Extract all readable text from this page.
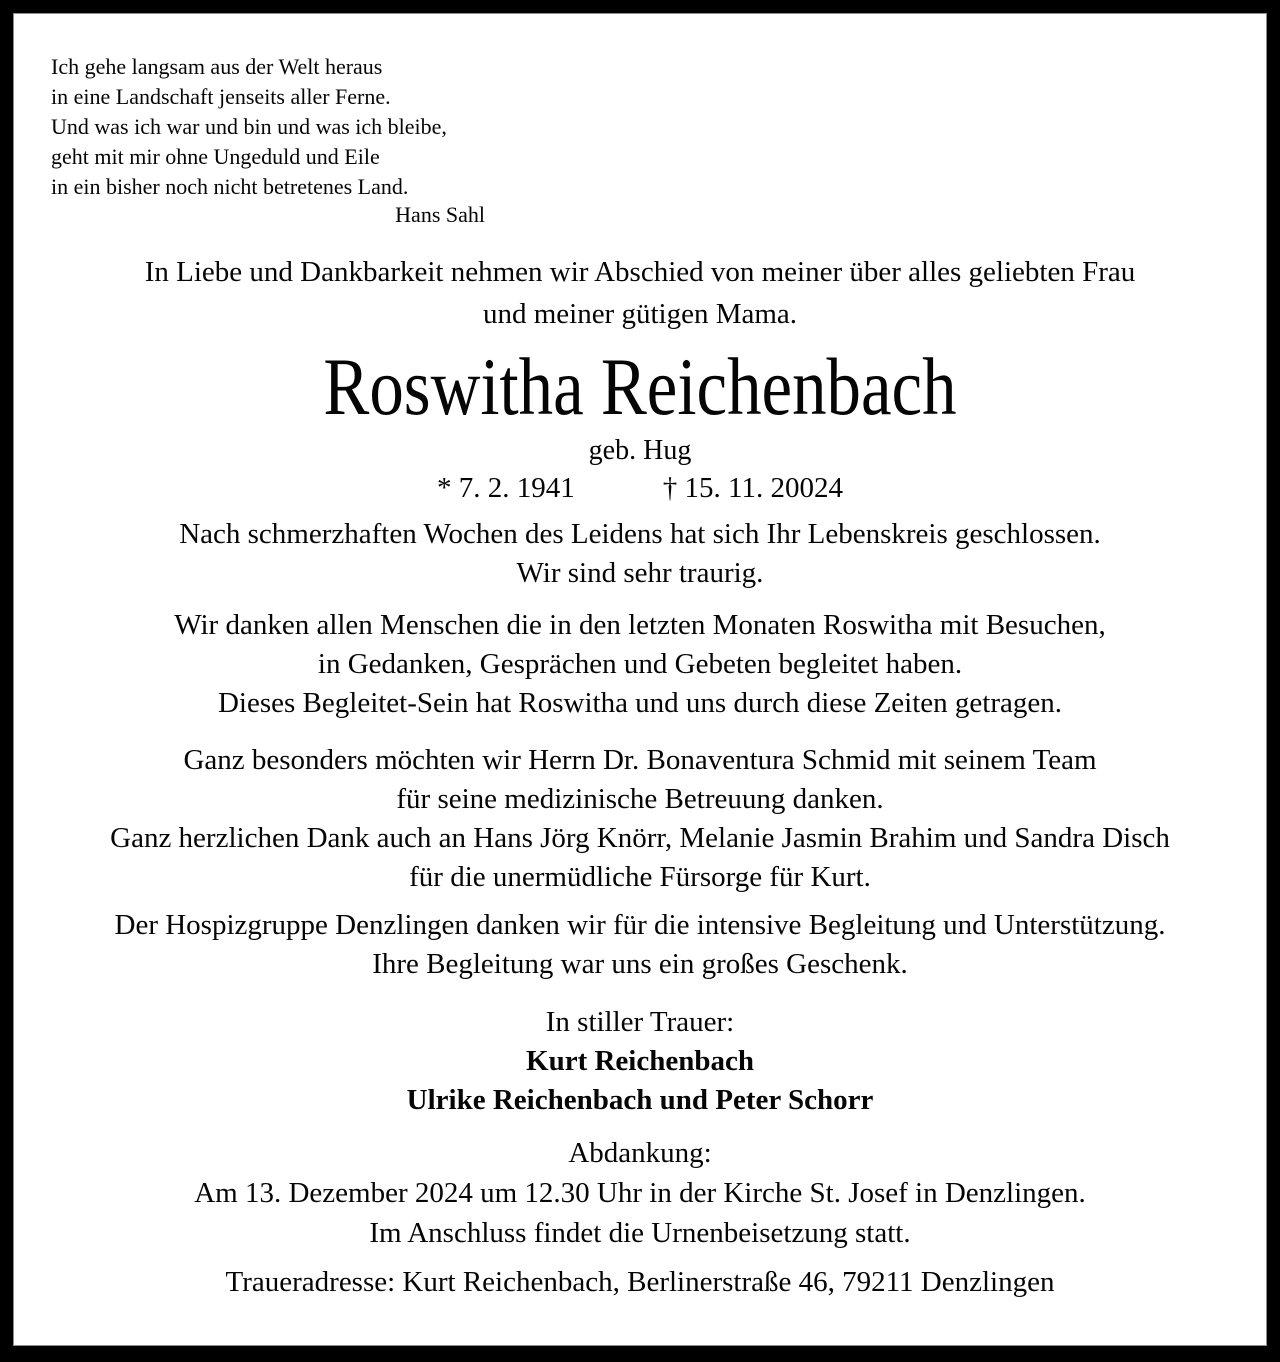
Ich gehe langsam aus der Welt heraus
in eine Landschaft jenseits aller Ferne.
Und was ich war und bin und was ich bleibe,
geht mit mir ohne Ungeduld und Eile
in ein bisher noch nicht betretenes Land.
Hans Sahl
In Liebe und Dankbarkeit nehmen wir Abschied von meiner über alles geliebten Frau
und meiner gütigen Mama.
Roswitha Reichenbach
geb. Hug
* 7. 2. 1941	† 15. 11. 20024
Nach schmerzhaften Wochen des Leidens hat sich Ihr Lebenskreis geschlossen.
Wir sind sehr traurig.
Wir danken allen Menschen die in den letzten Monaten Roswitha mit Besuchen,
in Gedanken, Gesprächen und Gebeten begleitet haben.
Dieses Begleitet-Sein hat Roswitha und uns durch diese Zeiten getragen.
Ganz besonders möchten wir Herrn Dr. Bonaventura Schmid mit seinem Team
für seine medizinische Betreuung danken.
Ganz herzlichen Dank auch an Hans Jörg Knörr, Melanie Jasmin Brahim und Sandra Disch
für die unermüdliche Fürsorge für Kurt.
Der Hospizgruppe Denzlingen danken wir für die intensive Begleitung und Unterstützung.
Ihre Begleitung war uns ein großes Geschenk.
In stiller Trauer:
Kurt Reichenbach
Ulrike Reichenbach und Peter Schorr
Abdankung:
Am 13. Dezember 2024 um 12.30 Uhr in der Kirche St. Josef in Denzlingen.
Im Anschluss findet die Urnenbeisetzung statt.
Traueradresse: Kurt Reichenbach, Berlinerstraße 46, 79211 Denzlingen
